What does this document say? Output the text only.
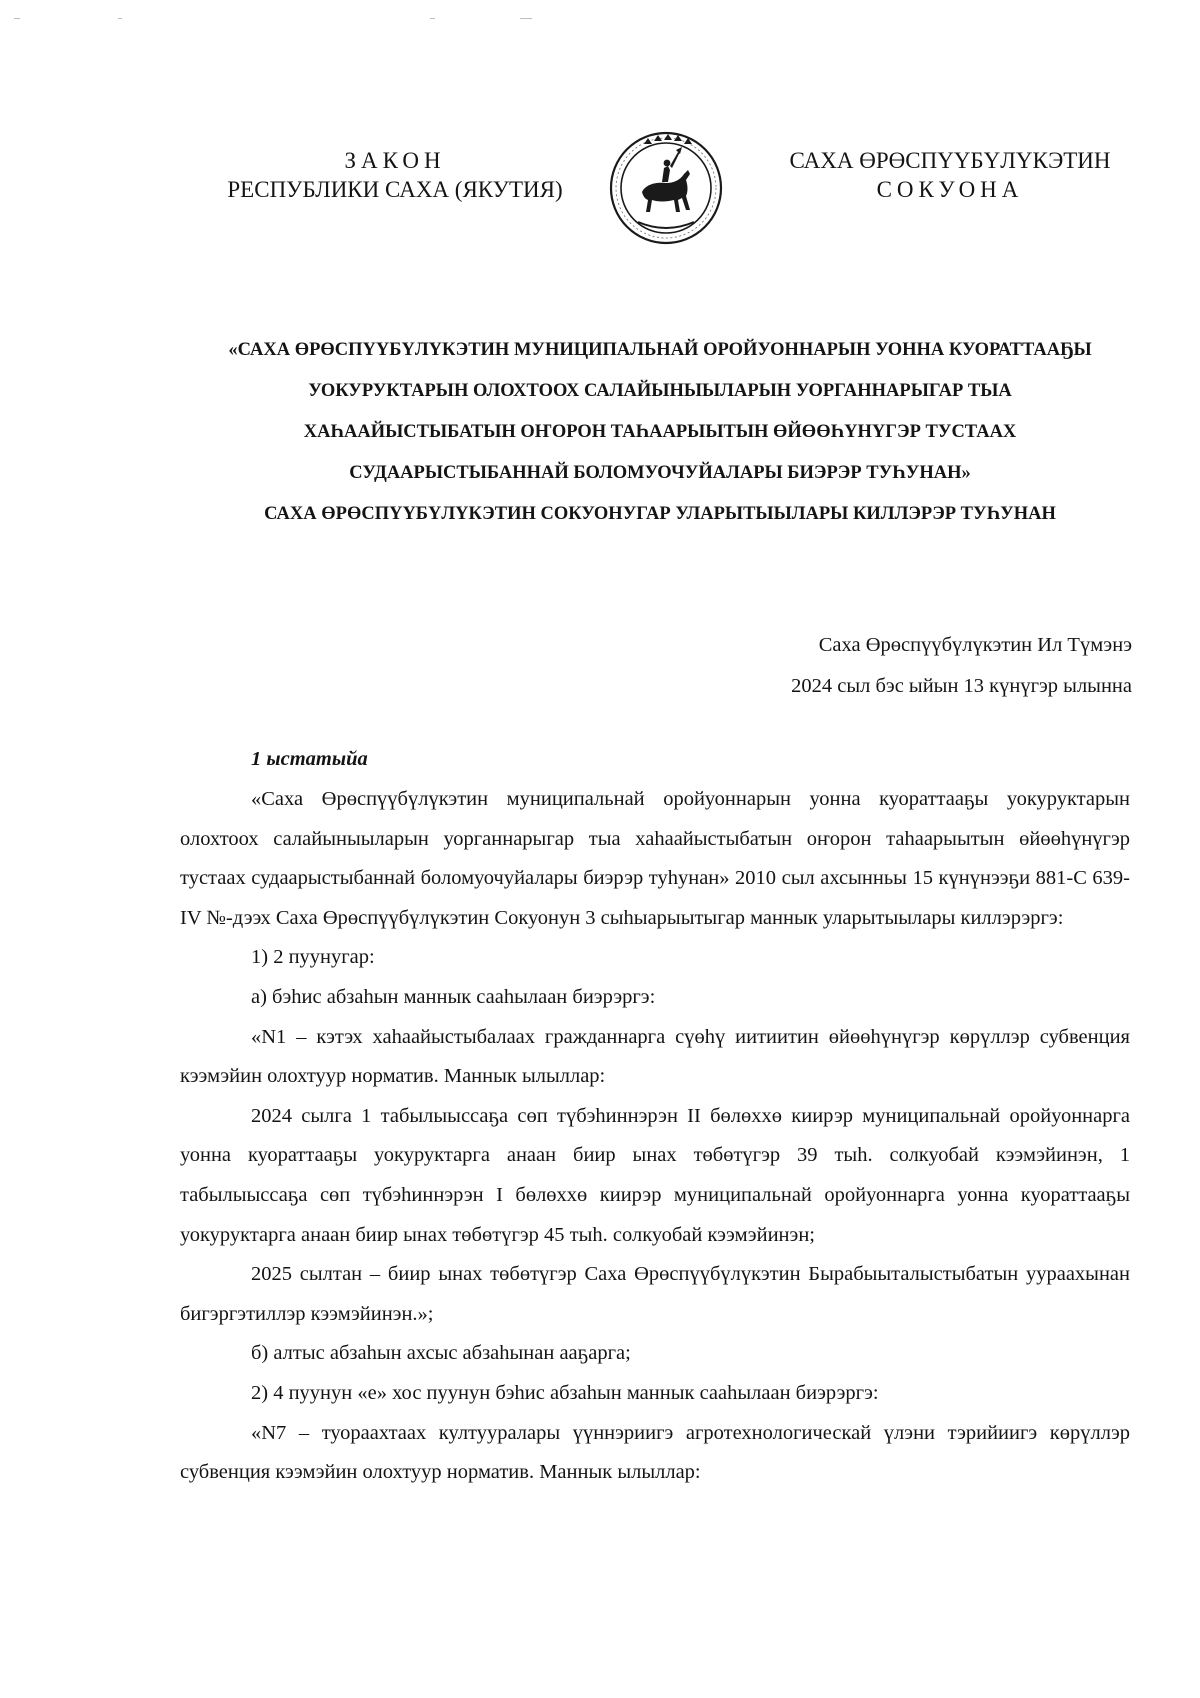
ЗАКОН
РЕСПУБЛИКИ САХА (ЯКУТИЯ)
САХА ӨРӨСПҮҮБҮЛҮКЭТИН
СОКУОНА
«САХА ӨРӨСПҮҮБҮЛҮКЭТИН МУНИЦИПАЛЬНАЙ ОРОЙУОННАРЫН УОННА КУОРАТТААҔЫ
УОКУРУКТАРЫН ОЛОХТООХ САЛАЙЫНЫЫЛАРЫН УОРГАННАРЫГАР ТЫА
ХАҺААЙЫСТЫБАТЫН ОҤОРОН ТАҺААРЫЫТЫН ӨЙӨӨҺҮНҮГЭР ТУСТААХ
СУДААРЫСТЫБАННАЙ БОЛОМУОЧУЙАЛАРЫ БИЭРЭР ТУҺУНАН»
САХА ӨРӨСПҮҮБҮЛҮКЭТИН СОКУОНУГАР УЛАРЫТЫЫЛАРЫ КИЛЛЭРЭР ТУҺУНАН
Саха Өрөспүүбүлүкэтин Ил Түмэнэ
2024 сыл бэс ыйын 13 күнүгэр ылынна
1 ыстатыйа

«Саха Өрөспүүбүлүкэтин муниципальнай оройуоннарын уонна куораттааҕы уокуруктарын олохтоох салайыныыларын уорганнарыгар тыа хаһаайыстыбатын оҥорон таһаарыытын өйөөһүнүгэр тустаах судаарыстыбаннай боломуочуйалары биэрэр туһунан» 2010 сыл ахсынньы 15 күнүнээҕи 881-С 639-IV №-дээх Саха Өрөспүүбүлүкэтин Сокуонун 3 сыһыарыытыгар маннык уларытыылары киллэрэргэ:

1) 2 пуунугар:

а) бэһис абзаһын маннык сааһылаан биэрэргэ:

«N1 – кэтэх хаһаайыстыбалаах гражданнарга сүөһү иитиитин өйөөһүнүгэр көрүллэр субвенция кээмэйин олохтуур норматив. Маннык ылыллар:

2024 сылга 1 табылыыссаҕа сөп түбэһиннэрэн II бөлөххө киирэр муниципальнай оройуоннарга уонна куораттааҕы уокуруктарга анаан биир ынах төбөтүгэр 39 тыһ. солкуобай кээмэйинэн, 1 табылыыссаҕа сөп түбэһиннэрэн I бөлөххө киирэр муниципальнай оройуоннарга уонна куораттааҕы уокуруктарга анаан биир ынах төбөтүгэр 45 тыһ. солкуобай кээмэйинэн;

2025 сылтан – биир ынах төбөтүгэр Саха Өрөспүүбүлүкэтин Бырабыыталыстыбатын уураахынан бигэргэтиллэр кээмэйинэн.»;

б) алтыс абзаһын ахсыс абзаһынан ааҕарга;

2) 4 пуунун «е» хос пуунун бэһис абзаһын маннык сааһылаан биэрэргэ:

«N7 – туораахтаах култууралары үүннэриигэ агротехнологическай үлэни тэрийиигэ көрүллэр субвенция кээмэйин олохтуур норматив. Маннык ылыллар:
